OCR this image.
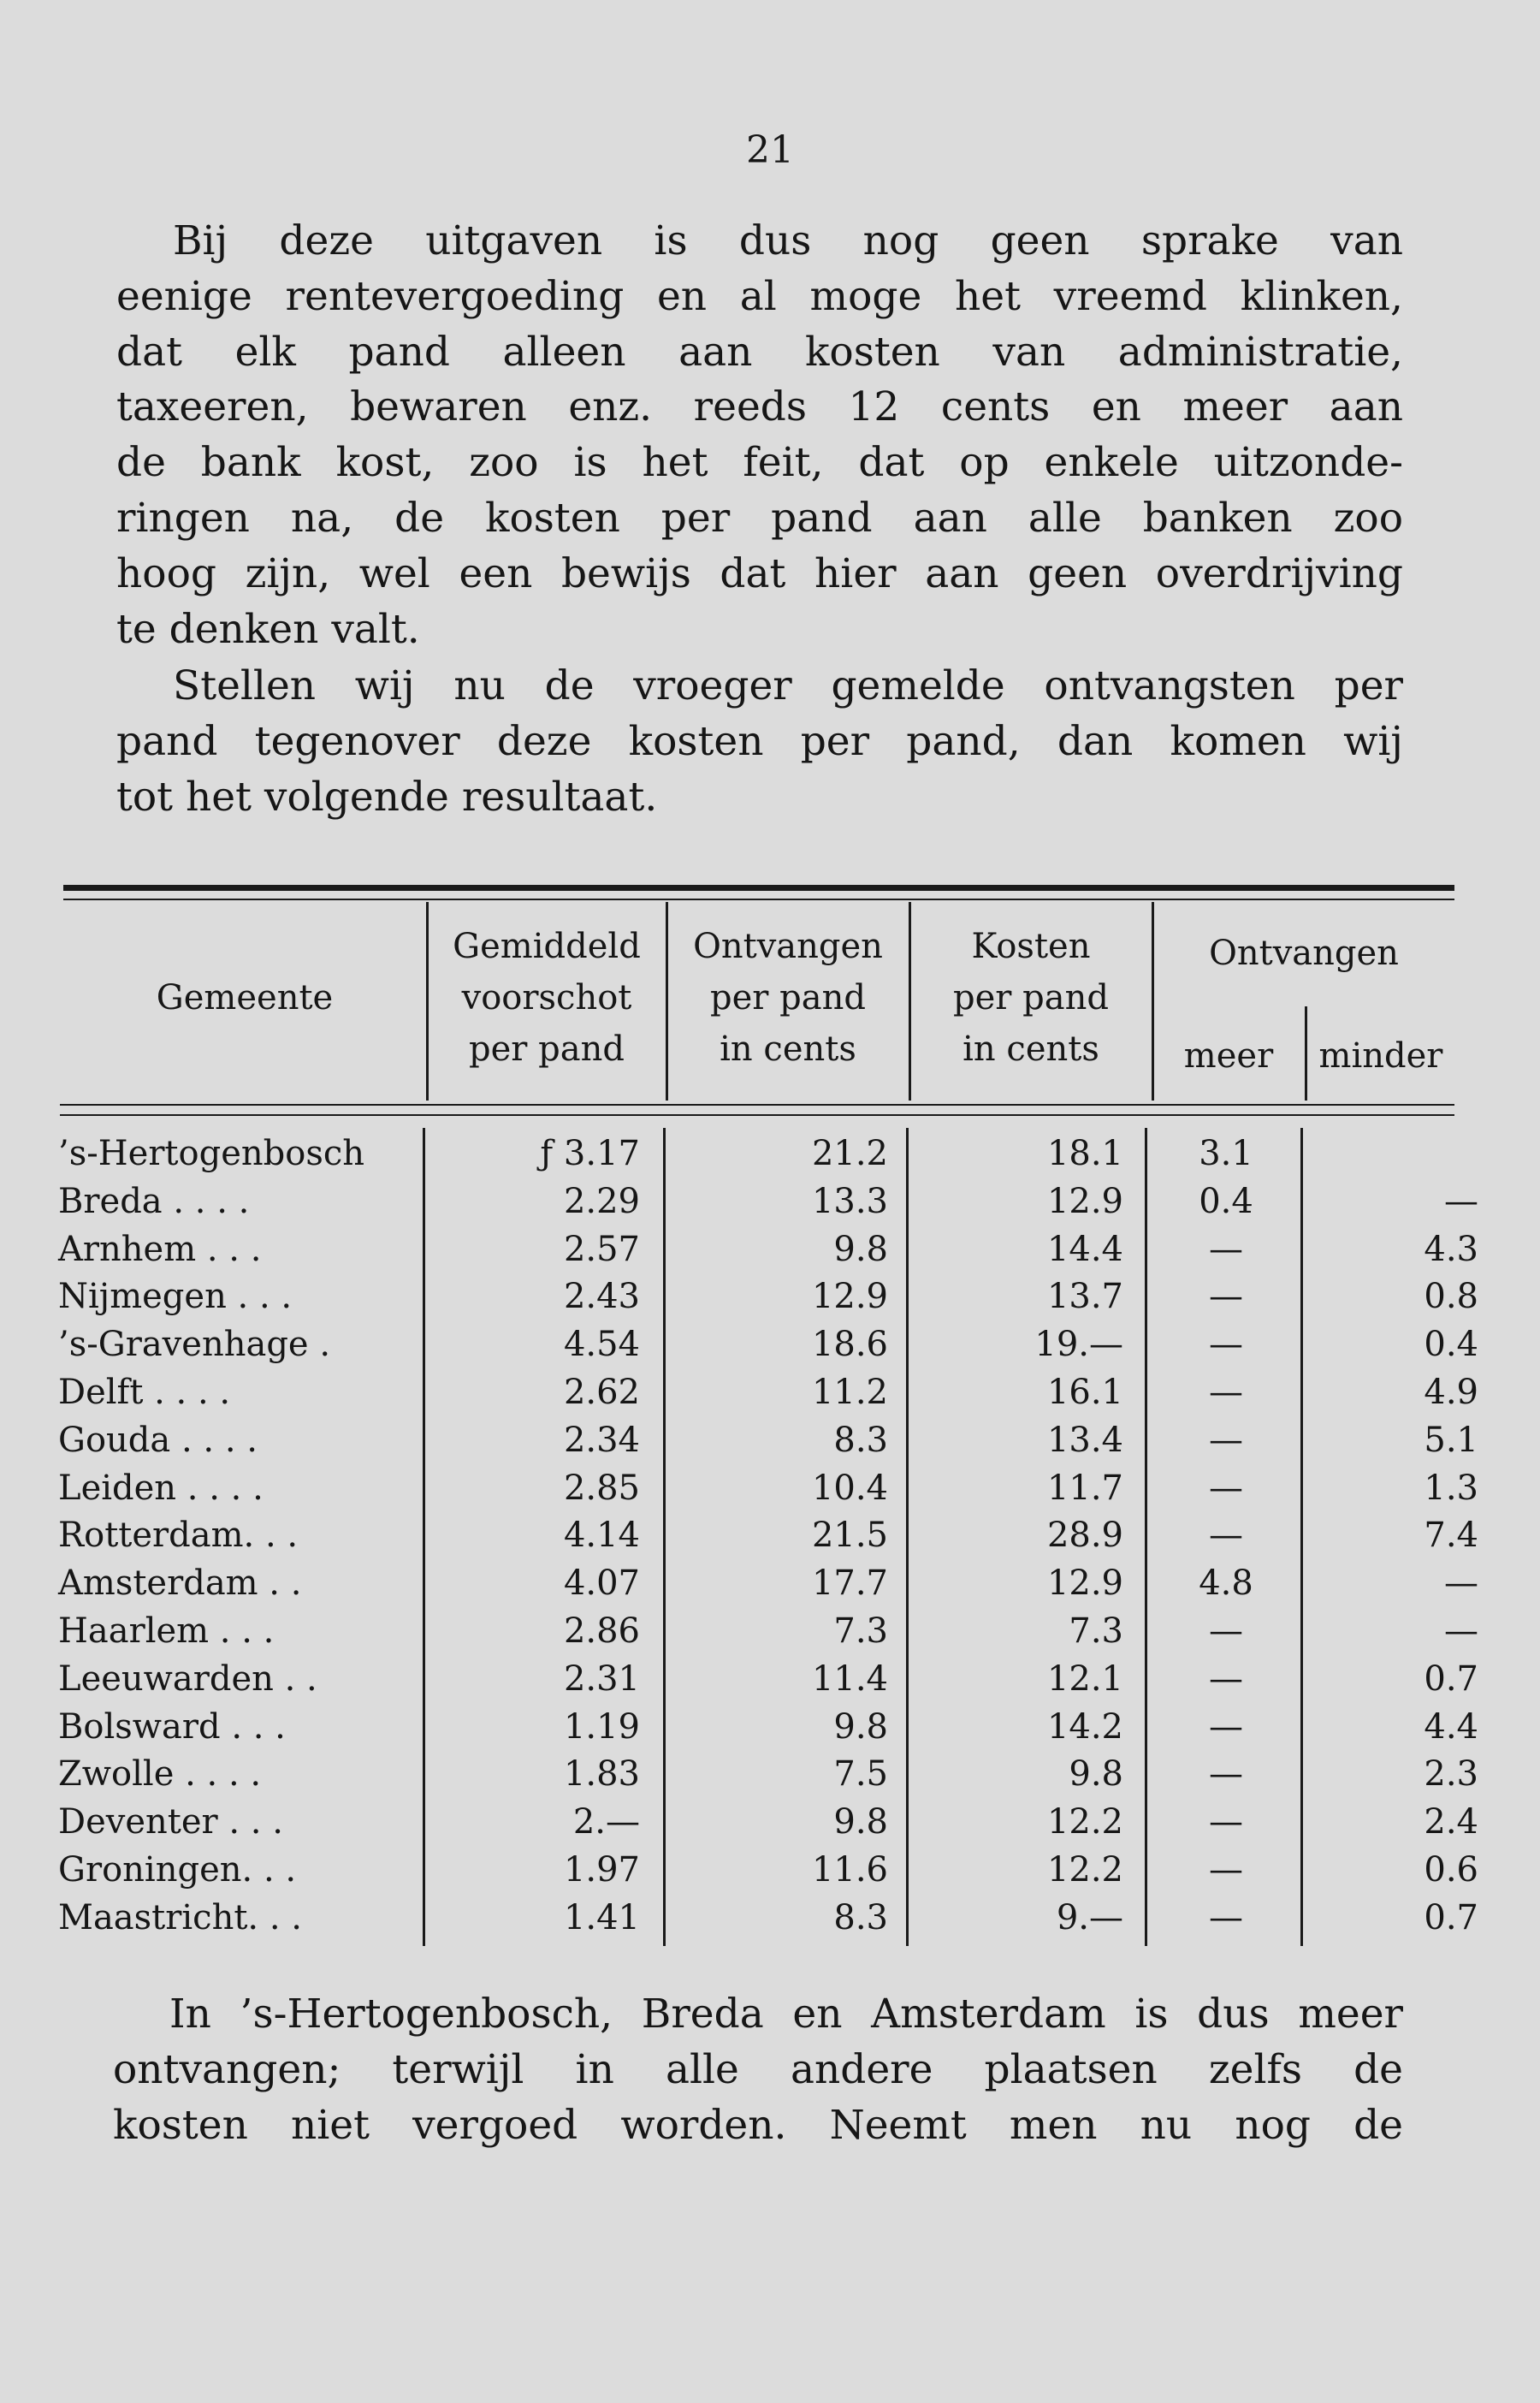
21
Bij deze uitgaven is dus nog geen sprake van
eenige rentevergoeding en al moge het vreemd klinken,
dat elk pand alleen aan kosten van administratie,
taxeeren, bewaren enz. reeds 12 cents en meer aan
de bank kost, zoo is het feit, dat op enkele uitzonde-
ringen na, de kosten per pand aan alle banken zoo
hoog zijn, wel een bewijs dat hier aan geen overdrijving
te denken valt.
Stellen wij nu de vroeger gemelde ontvangsten per
pand tegenover deze kosten per pand, dan komen wij
tot het volgende resultaat.
Gemeente
Gemiddeld
voorschot
per pand
Ontvangen
per pand
in cents
Kosten
per pand
in cents
Ontvangen
meer	minder
’s-Hertogenbosch	ƒ 3.17	21.2	18.1	3.1
Breda . . . .	2.29	13.3	12.9	0.4	—
Arnhem . . .	2.57	9.8	14.4	—	4.3
Nijmegen . . .	2.43	12.9	13.7	—	0.8
’s-Gravenhage .	4.54	18.6	19.—	—	0.4
Delft . . . .	2.62	11.2	16.1	—	4.9
Gouda . . . .	2.34	8.3	13.4	—	5.1
Leiden . . . .	2.85	10.4	11.7	—	1.3
Rotterdam. . .	4.14	21.5	28.9	—	7.4
Amsterdam . .	4.07	17.7	12.9	4.8	—
Haarlem . . .	2.86	7.3	7.3	—	—
Leeuwarden . .	2.31	11.4	12.1	—	0.7
Bolsward . . .	1.19	9.8	14.2	—	4.4
Zwolle . . . .	1.83	7.5	9.8	—	2.3
Deventer . . .	2.—	9.8	12.2	—	2.4
Groningen. . .	1.97	11.6	12.2	—	0.6
Maastricht. . .	1.41	8.3	9.—	—	0.7
In ’s-Hertogenbosch, Breda en Amsterdam is dus meer
ontvangen; terwijl in alle andere plaatsen zelfs de
kosten niet vergoed worden. Neemt men nu nog de
